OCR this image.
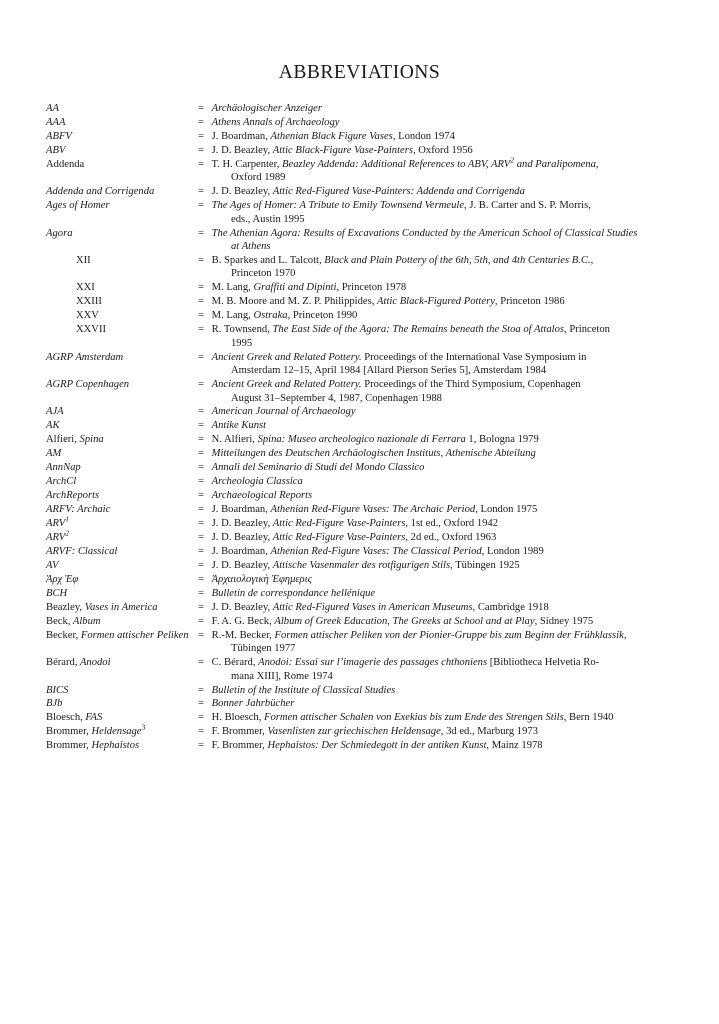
ABBREVIATIONS
AA	= Archäologischer Anzeiger
AAA	= Athens Annals of Archaeology
ABFV	= J. Boardman, Athenian Black Figure Vases, London 1974
ABV	= J. D. Beazley, Attic Black-Figure Vase-Painters, Oxford 1956
Addenda	= T. H. Carpenter, Beazley Addenda: Additional References to ABV, ARV$^2$ and Paralipomena,
Oxford 1989
Addenda and Corrigenda	= J. D. Beazley, Attic Red-Figured Vase-Painters: Addenda and Corrigenda
Ages of Homer	= The Ages of Homer: A Tribute to Emily Townsend Vermeule, J. B. Carter and S. P. Morris,
eds., Austin 1995
Agora	= The Athenian Agora: Results of Excavations Conducted by the American School of Classical Studies
at Athens
XII	= B. Sparkes and L. Talcott, Black and Plain Pottery of the 6th, 5th, and 4th Centuries B.C.,
Princeton 1970
XXI	= M. Lang, Graffiti and Dipinti, Princeton 1978
XXIII	= M. B. Moore and M. Z. P. Philippides, Attic Black-Figured Pottery, Princeton 1986
XXV	= M. Lang, Ostraka, Princeton 1990
XXVII	= R. Townsend, The East Side of the Agora: The Remains beneath the Stoa of Attalos, Princeton
1995
AGRP Amsterdam	= Ancient Greek and Related Pottery. Proceedings of the International Vase Symposium in
Amsterdam 12–15, April 1984 [Allard Pierson Series 5], Amsterdam 1984
AGRP Copenhagen	= Ancient Greek and Related Pottery. Proceedings of the Third Symposium, Copenhagen
August 31–September 4, 1987, Copenhagen 1988
AJA	= American Journal of Archaeology
AK	= Antike Kunst
Alfieri, Spina	= N. Alfieri, Spina: Museo archeologico nazionale di Ferrara 1, Bologna 1979
AM	= Mitteilungen des Deutschen Archäologischen Instituts, Athenische Abteilung
AnnNap	= Annali del Seminario di Studi del Mondo Classico
ArchCl	= Archeologia Classica
ArchReports	= Archaeological Reports
ARFV: Archaic	= J. Boardman, Athenian Red-Figure Vases: The Archaic Period, London 1975
$ARV^1$	= J. D. Beazley, Attic Red-Figure Vase-Painters, 1st ed., Oxford 1942
$ARV^2$	= J. D. Beazley, Attic Red-Figure Vase-Painters, 2d ed., Oxford 1963
ARVF: Classical	= J. Boardman, Athenian Red-Figure Vases: The Classical Period, London 1989
AV	= J. D. Beazley, Attische Vasenmaler des rotfigurigen Stils, Tübingen 1925
Ἀρχ Ἐφ	= Ἀρχαιολογικὴ Ἐφημερις
BCH	= Bulletin de correspondance hellénique
Beazley, Vases in America	= J. D. Beazley, Attic Red-Figured Vases in American Museums, Cambridge 1918
Beck, Album	= F. A. G. Beck, Album of Greek Education, The Greeks at School and at Play, Sidney 1975
Becker, Formen attischer Peliken = R.-M. Becker, Formen attischer Peliken von der Pionier-Gruppe bis zum Beginn der Frühklassik,
Tübingen 1977
Bérard, Anodoi	= C. Bérard, Anodoi: Essai sur l’imagerie des passages chthoniens [Bibliotheca Helvetia Ro-
mana XIII], Rome 1974
BICS	= Bulletin of the Institute of Classical Studies
BJb	= Bonner Jahrbücher
Bloesch, FAS	= H. Bloesch, Formen attischer Schalen von Exekias bis zum Ende des Strengen Stils, Bern 1940
Brommer, Heldensage$^3$	= F. Brommer, Vasenlisten zur griechischen Heldensage, 3d ed., Marburg 1973
Brommer, Hephaistos	= F. Brommer, Hephaistos: Der Schmiedegott in der antiken Kunst, Mainz 1978
